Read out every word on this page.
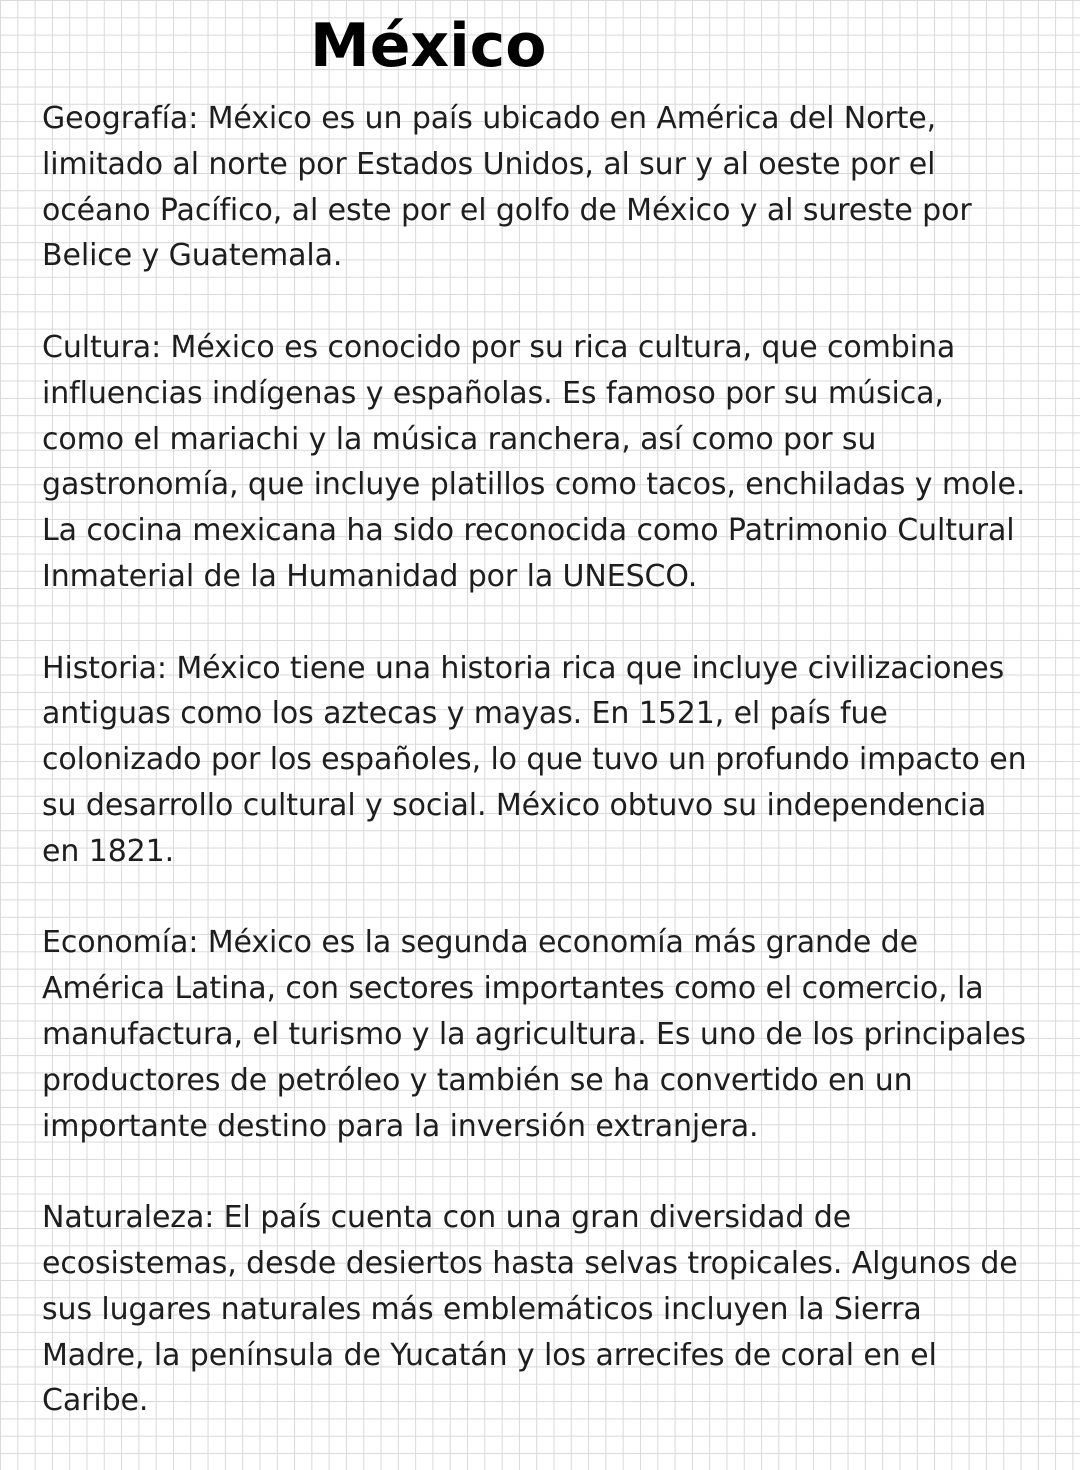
México

Geografía: México es un país ubicado en América del Norte, limitado al norte por Estados Unidos, al sur y al oeste por el océano Pacífico, al este por el golfo de México y al sureste por Belice y Guatemala.

Cultura: México es conocido por su rica cultura, que combina influencias indígenas y españolas. Es famoso por su música, como el mariachi y la música ranchera, así como por su gastronomía, que incluye platillos como tacos, enchiladas y mole. La cocina mexicana ha sido reconocida como Patrimonio Cultural Inmaterial de la Humanidad por la UNESCO.

Historia: México tiene una historia rica que incluye civilizaciones antiguas como los aztecas y mayas. En 1521, el país fue colonizado por los españoles, lo que tuvo un profundo impacto en su desarrollo cultural y social. México obtuvo su independencia en 1821.

Economía: México es la segunda economía más grande de América Latina, con sectores importantes como el comercio, la manufactura, el turismo y la agricultura. Es uno de los principales productores de petróleo y también se ha convertido en un importante destino para la inversión extranjera.

Naturaleza: El país cuenta con una gran diversidad de ecosistemas, desde desiertos hasta selvas tropicales. Algunos de sus lugares naturales más emblemáticos incluyen la Sierra Madre, la península de Yucatán y los arrecifes de coral en el Caribe.
